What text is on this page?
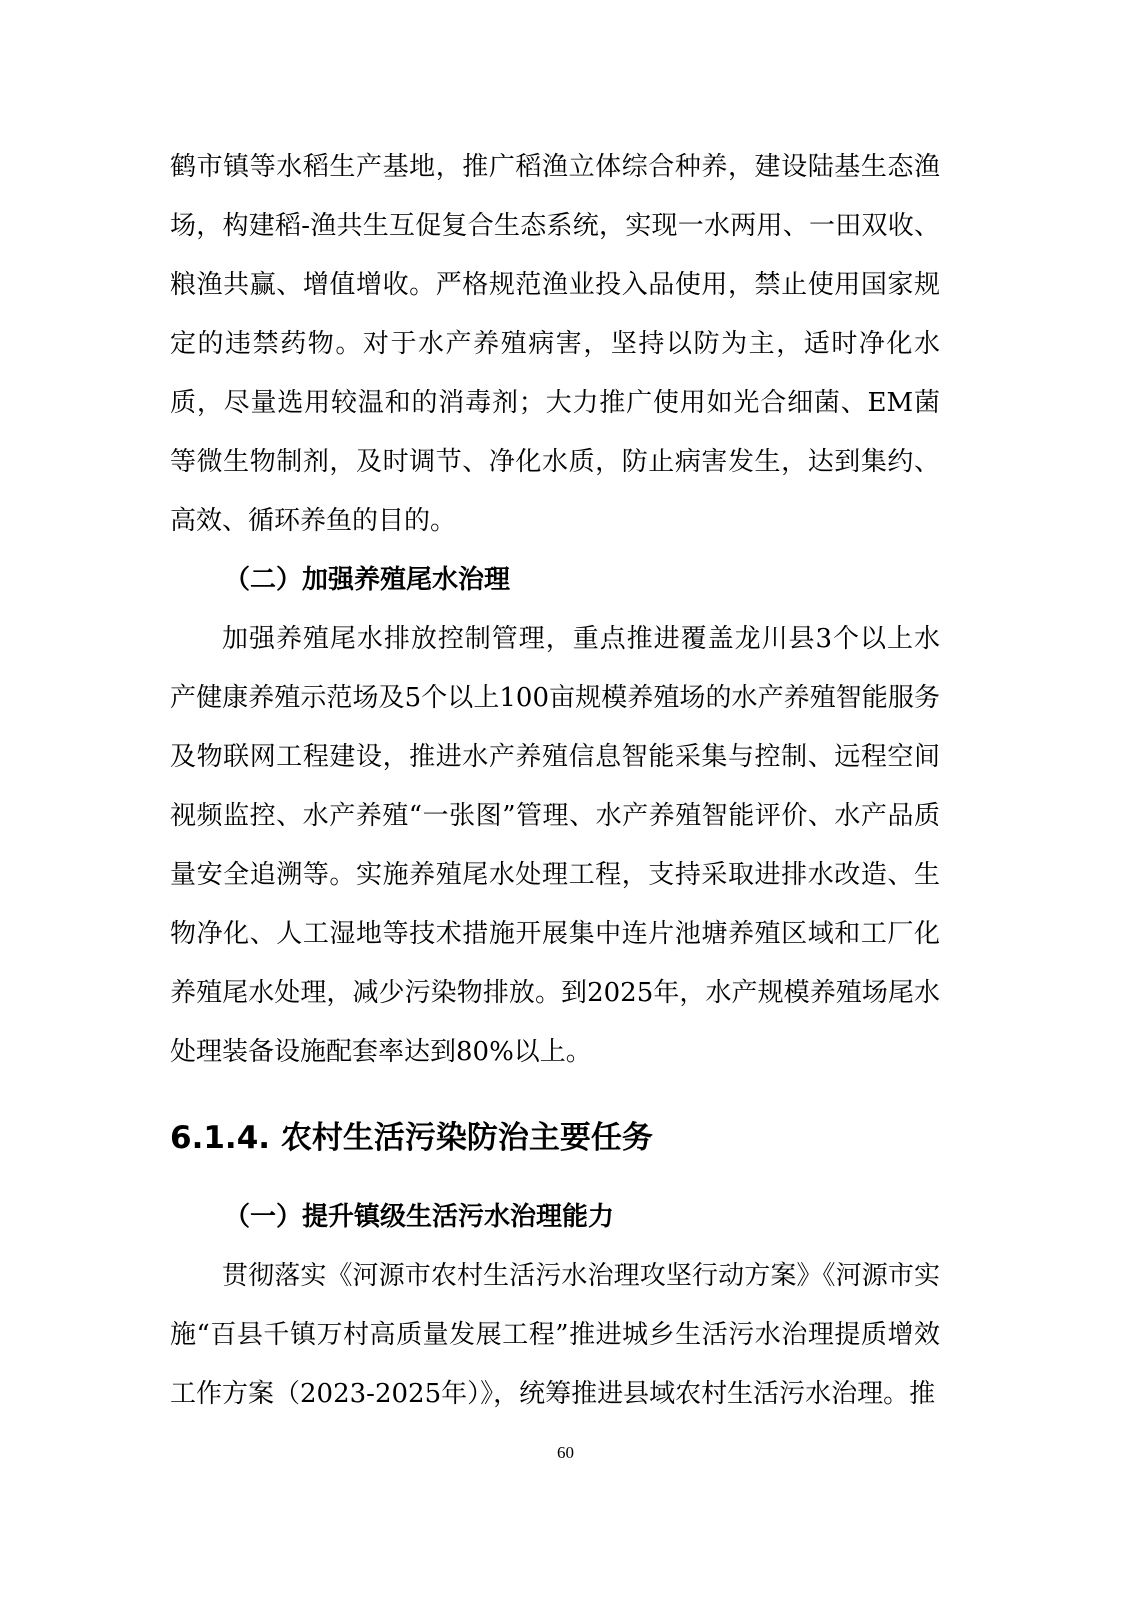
鹤市镇等水稻生产基地，推广稻渔立体综合种养，建设陆基生态渔场，构建稻-渔共生互促复合生态系统，实现一水两用、一田双收、粮渔共赢、增值增收。严格规范渔业投入品使用，禁止使用国家规定的违禁药物。对于水产养殖病害，坚持以防为主，适时净化水质，尽量选用较温和的消毒剂；大力推广使用如光合细菌、EM菌等微生物制剂，及时调节、净化水质，防止病害发生，达到集约、高效、循环养鱼的目的。

（二）加强养殖尾水治理

加强养殖尾水排放控制管理，重点推进覆盖龙川县3个以上水产健康养殖示范场及5个以上100亩规模养殖场的水产养殖智能服务及物联网工程建设，推进水产养殖信息智能采集与控制、远程空间视频监控、水产养殖“一张图”管理、水产养殖智能评价、水产品质量安全追溯等。实施养殖尾水处理工程，支持采取进排水改造、生物净化、人工湿地等技术措施开展集中连片池塘养殖区域和工厂化养殖尾水处理，减少污染物排放。到2025年，水产规模养殖场尾水处理装备设施配套率达到80%以上。

6.1.4. 农村生活污染防治主要任务

（一）提升镇级生活污水治理能力

贯彻落实《河源市农村生活污水治理攻坚行动方案》《河源市实施“百县千镇万村高质量发展工程”推进城乡生活污水治理提质增效工作方案（2023-2025年）》，统筹推进县域农村生活污水治理。推

60
